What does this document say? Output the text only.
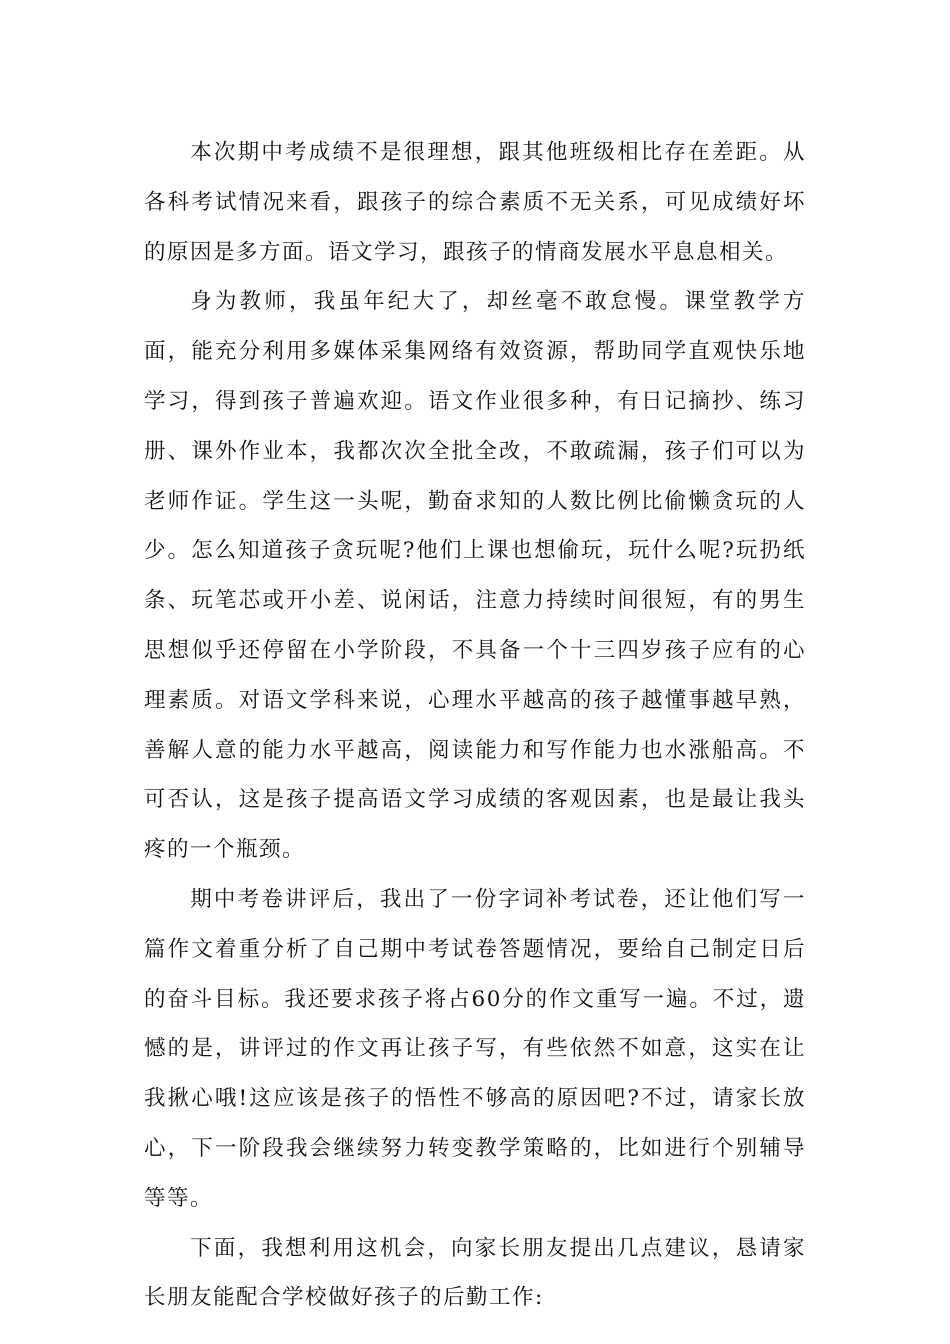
本次期中考成绩不是很理想，跟其他班级相比存在差距。从各科考试情况来看，跟孩子的综合素质不无关系，可见成绩好坏的原因是多方面。语文学习，跟孩子的情商发展水平息息相关。

身为教师，我虽年纪大了，却丝毫不敢怠慢。课堂教学方面，能充分利用多媒体采集网络有效资源，帮助同学直观快乐地学习，得到孩子普遍欢迎。语文作业很多种，有日记摘抄、练习册、课外作业本，我都次次全批全改，不敢疏漏，孩子们可以为老师作证。学生这一头呢，勤奋求知的人数比例比偷懒贪玩的人少。怎么知道孩子贪玩呢?他们上课也想偷玩，玩什么呢?玩扔纸条、玩笔芯或开小差、说闲话，注意力持续时间很短，有的男生思想似乎还停留在小学阶段，不具备一个十三四岁孩子应有的心理素质。对语文学科来说，心理水平越高的孩子越懂事越早熟，善解人意的能力水平越高，阅读能力和写作能力也水涨船高。不可否认，这是孩子提高语文学习成绩的客观因素，也是最让我头疼的一个瓶颈。

期中考卷讲评后，我出了一份字词补考试卷，还让他们写一篇作文着重分析了自己期中考试卷答题情况，要给自己制定日后的奋斗目标。我还要求孩子将占60分的作文重写一遍。不过，遗憾的是，讲评过的作文再让孩子写，有些依然不如意，这实在让我揪心哦!这应该是孩子的悟性不够高的原因吧?不过，请家长放心，下一阶段我会继续努力转变教学策略的，比如进行个别辅导等等。

下面，我想利用这机会，向家长朋友提出几点建议，恳请家长朋友能配合学校做好孩子的后勤工作:
